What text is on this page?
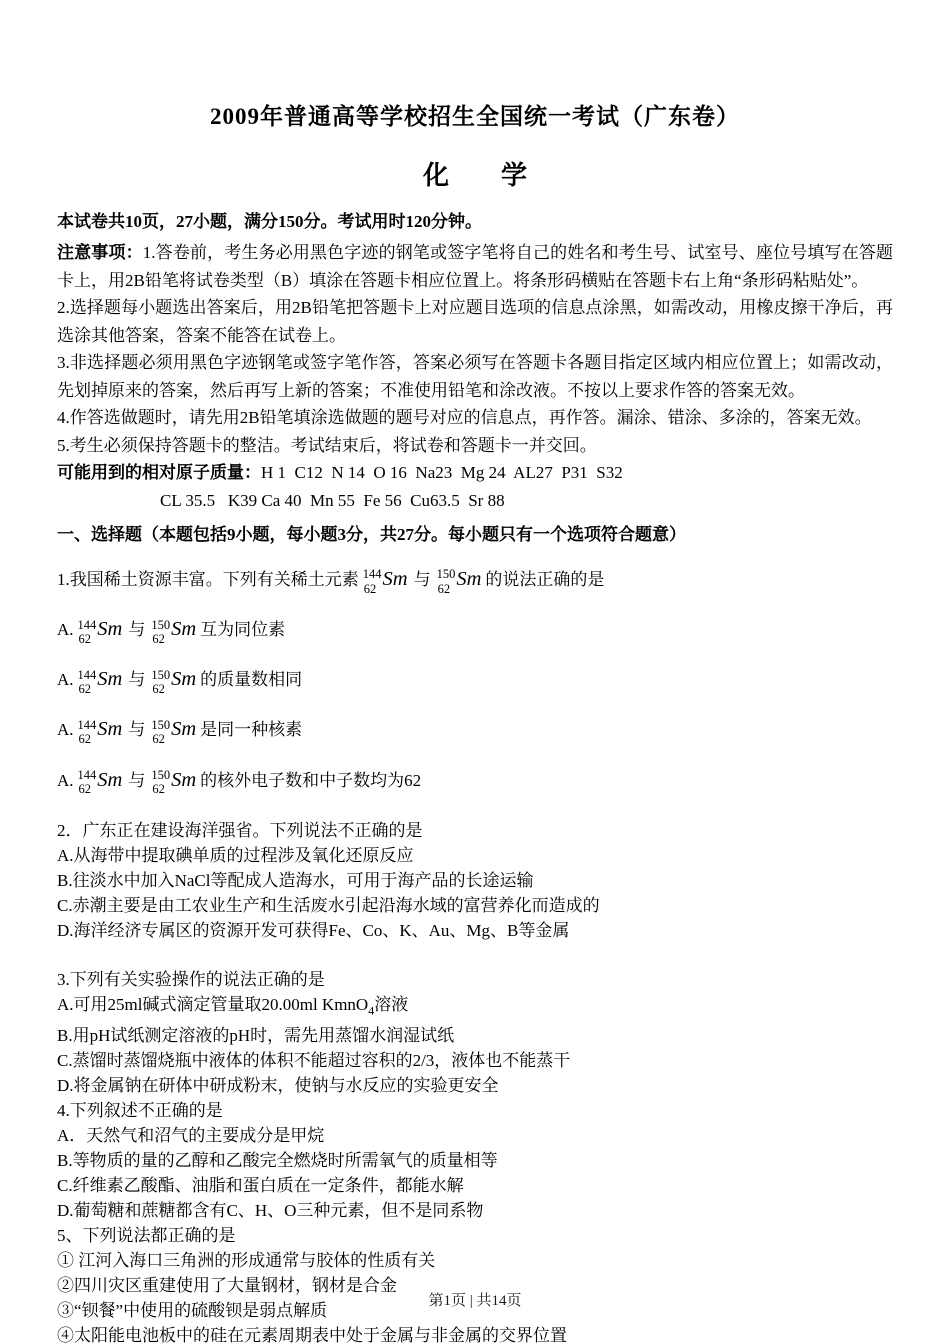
2009年普通高等学校招生全国统一考试（广东卷）
化　　学

本试卷共10页，27小题，满分150分。考试用时120分钟。

注意事项：1.答卷前，考生务必用黑色字迹的钢笔或签字笔将自己的姓名和考生号、试室号、座位号填写在答题卡上，用2B铅笔将试卷类型（B）填涂在答题卡相应位置上。将条形码横贴在答题卡右上角“条形码粘贴处”。

2.选择题每小题选出答案后，用2B铅笔把答题卡上对应题目选项的信息点涂黑，如需改动，用橡皮擦干净后，再选涂其他答案，答案不能答在试卷上。

3.非选择题必须用黑色字迹钢笔或签字笔作答，答案必须写在答题卡各题目指定区域内相应位置上；如需改动，先划掉原来的答案，然后再写上新的答案；不准使用铅笔和涂改液。不按以上要求作答的答案无效。

4.作答选做题时，请先用2B铅笔填涂选做题的题号对应的信息点，再作答。漏涂、错涂、多涂的，答案无效。

5.考生必须保持答题卡的整洁。考试结束后，将试卷和答题卡一并交回。

可能用到的相对原子质量：H 1  C12  N 14  O 16  Na23  Mg 24  AL27  P31  S32

CL 35.5   K39 Ca 40  Mn 55  Fe 56  Cu63.5  Sr 88

一、选择题（本题包括9小题，每小题3分，共27分。每小题只有一个选项符合题意）

1.我国稀土资源丰富。下列有关稀土元素 144
62 Sm 与 150
62 Sm 的说法正确的是
A. 144
62 Sm 与 150
62 Sm 互为同位素
A. 144
62 Sm 与 150
62 Sm 的质量数相同
A. 144
62 Sm 与 150
62 Sm 是同一种核素
A. 144
62 Sm 与 150
62 Sm 的核外电子数和中子数均为62
2．广东正在建设海洋强省。下列说法不正确的是
A.从海带中提取碘单质的过程涉及氧化还原反应
B.往淡水中加入NaCl等配成人造海水，可用于海产品的长途运输
C.赤潮主要是由工农业生产和生活废水引起沿海水域的富营养化而造成的
D.海洋经济专属区的资源开发可获得Fe、Co、K、Au、Mg、B等金属
3.下列有关实验操作的说法正确的是
A.可用25ml碱式滴定管量取20.00ml KmnO$_4$溶液
B.用pH试纸测定溶液的pH时，需先用蒸馏水润湿试纸
C.蒸馏时蒸馏烧瓶中液体的体积不能超过容积的2/3，液体也不能蒸干
D.将金属钠在研体中研成粉末，使钠与水反应的实验更安全
4.下列叙述不正确的是
A．天然气和沼气的主要成分是甲烷
B.等物质的量的乙醇和乙酸完全燃烧时所需氧气的质量相等
C.纤维素乙酸酯、油脂和蛋白质在一定条件，都能水解
D.葡萄糖和蔗糖都含有C、H、O三种元素，但不是同系物
5、下列说法都正确的是
① 江河入海口三角洲的形成通常与胶体的性质有关
②四川灾区重建使用了大量钢材，钢材是合金
③“钡餐”中使用的硫酸钡是弱点解质
④太阳能电池板中的硅在元素周期表中处于金属与非金属的交界位置
第1页 | 共14页
